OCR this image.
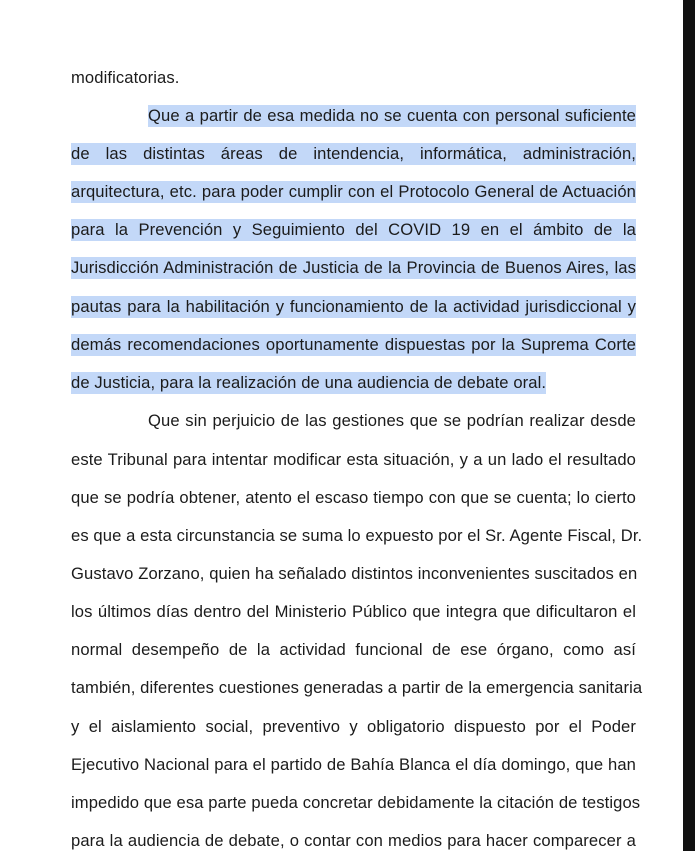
modificatorias.
Que a partir de esa medida no se cuenta con personal suficiente
de las distintas áreas de intendencia, informática, administración,
arquitectura, etc. para poder cumplir con el Protocolo General de Actuación
para la Prevención y Seguimiento del COVID 19 en el ámbito de la
Jurisdicción Administración de Justicia de la Provincia de Buenos Aires, las
pautas para la habilitación y funcionamiento de la actividad jurisdiccional y
demás recomendaciones oportunamente dispuestas por la Suprema Corte
de Justicia, para la realización de una audiencia de debate oral.
Que sin perjuicio de las gestiones que se podrían realizar desde
este Tribunal para intentar modificar esta situación, y a un lado el resultado
que se podría obtener, atento el escaso tiempo con que se cuenta; lo cierto
es que a esta circunstancia se suma lo expuesto por el Sr. Agente Fiscal, Dr.
Gustavo Zorzano, quien ha señalado distintos inconvenientes suscitados en
los últimos días dentro del Ministerio Público que integra que dificultaron el
normal desempeño de la actividad funcional de ese órgano, como así
también, diferentes cuestiones generadas a partir de la emergencia sanitaria
y el aislamiento social, preventivo y obligatorio dispuesto por el Poder
Ejecutivo Nacional para el partido de Bahía Blanca el día domingo, que han
impedido que esa parte pueda concretar debidamente la citación de testigos
para la audiencia de debate, o contar con medios para hacer comparecer a
